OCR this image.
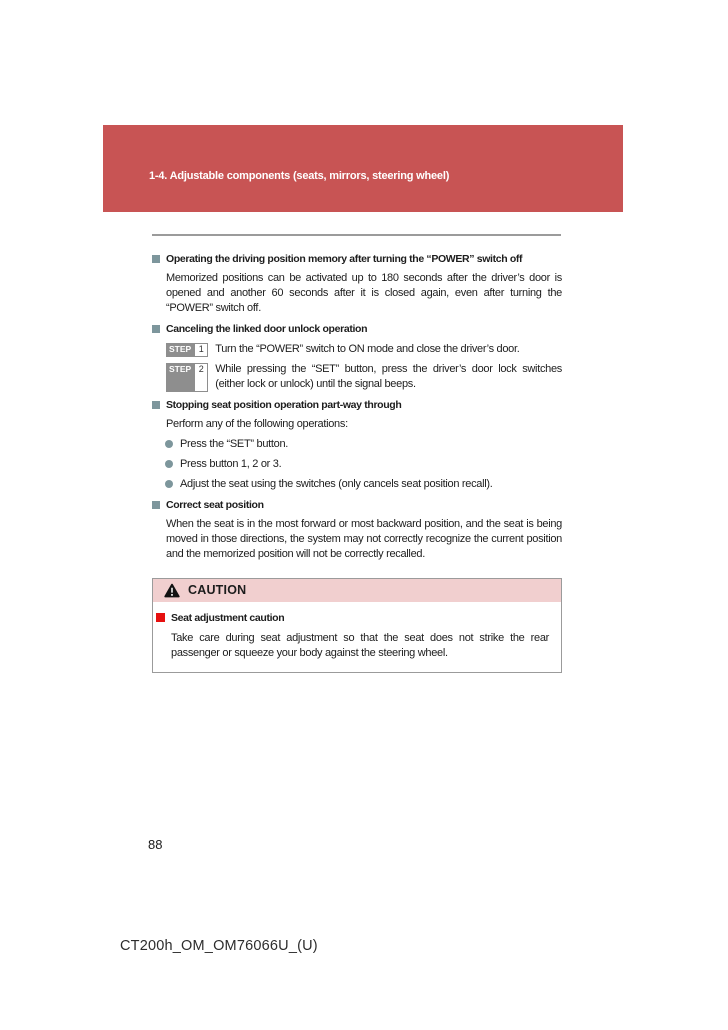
1-4. Adjustable components (seats, mirrors, steering wheel)
Operating the driving position memory after turning the “POWER” switch off
Memorized positions can be activated up to 180 seconds after the driver’s door is opened and another 60 seconds after it is closed again, even after turning the “POWER” switch off.
Canceling the linked door unlock operation
STEP 1	Turn the “POWER” switch to ON mode and close the driver’s door.
STEP 2	While pressing the “SET” button, press the driver’s door lock switches (either lock or unlock) until the signal beeps.
Stopping seat position operation part-way through
Perform any of the following operations:
Press the “SET” button.
Press button 1, 2 or 3.
Adjust the seat using the switches (only cancels seat position recall).
Correct seat position
When the seat is in the most forward or most backward position, and the seat is being moved in those directions, the system may not correctly recognize the current position and the memorized position will not be correctly recalled.
CAUTION
Seat adjustment caution
Take care during seat adjustment so that the seat does not strike the rear passenger or squeeze your body against the steering wheel.
88
CT200h_OM_OM76066U_(U)
